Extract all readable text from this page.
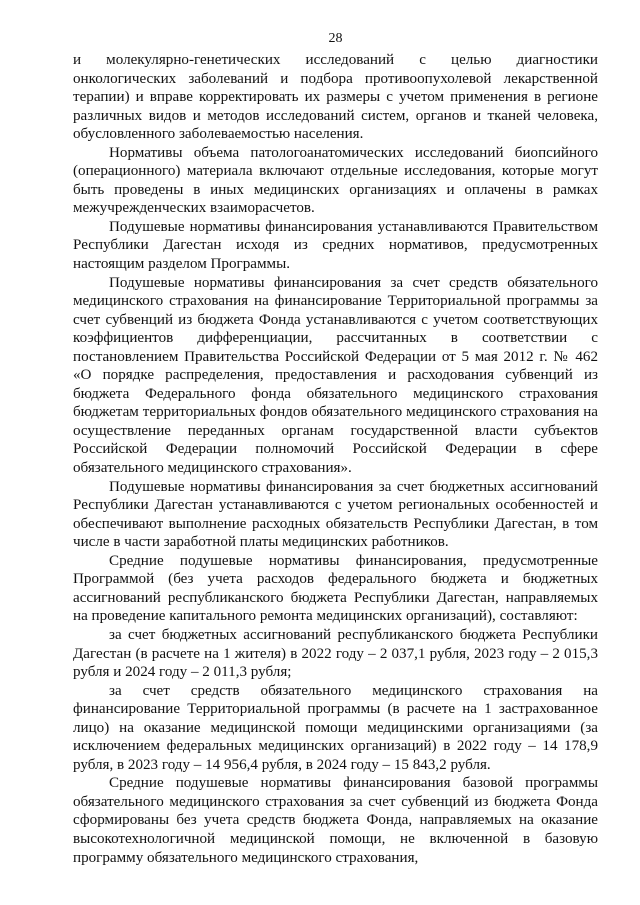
28

и молекулярно-генетических исследований с целью диагностики онкологических заболеваний и подбора противоопухолевой лекарственной терапии) и вправе корректировать их размеры с учетом применения в регионе различных видов и методов исследований систем, органов и тканей человека, обусловленного заболеваемостью населения.

Нормативы объема патологоанатомических исследований биопсийного (операционного) материала включают отдельные исследования, которые могут быть проведены в иных медицинских организациях и оплачены в рамках межучрежденческих взаиморасчетов.

Подушевые нормативы финансирования устанавливаются Правительством Республики Дагестан исходя из средних нормативов, предусмотренных настоящим разделом Программы.

Подушевые нормативы финансирования за счет средств обязательного медицинского страхования на финансирование Территориальной программы за счет субвенций из бюджета Фонда устанавливаются с учетом соответствующих коэффициентов дифференциации, рассчитанных в соответствии с постановлением Правительства Российской Федерации от 5 мая 2012 г. № 462 «О порядке распределения, предоставления и расходования субвенций из бюджета Федерального фонда обязательного медицинского страхования бюджетам территориальных фондов обязательного медицинского страхования на осуществление переданных органам государственной власти субъектов Российской Федерации полномочий Российской Федерации в сфере обязательного медицинского страхования».

Подушевые нормативы финансирования за счет бюджетных ассигнований Республики Дагестан устанавливаются с учетом региональных особенностей и обеспечивают выполнение расходных обязательств Республики Дагестан, в том числе в части заработной платы медицинских работников.

Средние подушевые нормативы финансирования, предусмотренные Программой (без учета расходов федерального бюджета и бюджетных ассигнований республиканского бюджета Республики Дагестан, направляемых на проведение капитального ремонта медицинских организаций), составляют:

за счет бюджетных ассигнований республиканского бюджета Республики Дагестан (в расчете на 1 жителя) в 2022 году – 2 037,1 рубля, 2023 году – 2 015,3 рубля и 2024 году – 2 011,3 рубля;

за счет средств обязательного медицинского страхования на финансирование Территориальной программы (в расчете на 1 застрахованное лицо) на оказание медицинской помощи медицинскими организациями (за исключением федеральных медицинских организаций) в 2022 году – 14 178,9 рубля, в 2023 году – 14 956,4 рубля, в 2024 году – 15 843,2 рубля.

Средние подушевые нормативы финансирования базовой программы обязательного медицинского страхования за счет субвенций из бюджета Фонда сформированы без учета средств бюджета Фонда, направляемых на оказание высокотехнологичной медицинской помощи, не включенной в базовую программу обязательного медицинского страхования,
